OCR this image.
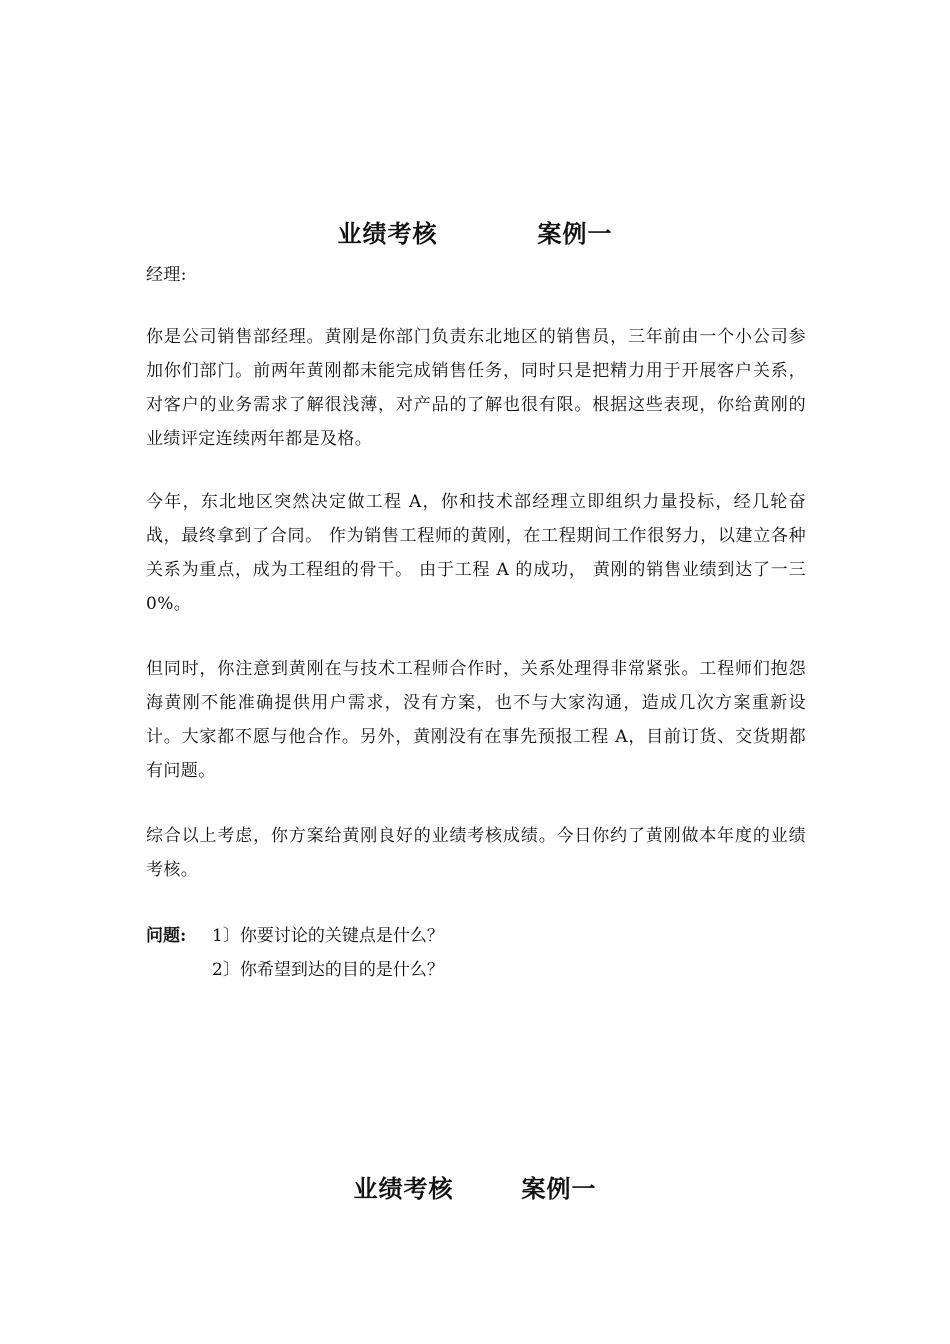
业绩考核	案例一
经理:
你是公司销售部经理。黄刚是你部门负责东北地区的销售员，三年前由一个小公司参加你们部门。前两年黄刚都未能完成销售任务，同时只是把精力用于开展客户关系，对客户的业务需求了解很浅薄，对产品的了解也很有限。根据这些表现，你给黄刚的业绩评定连续两年都是及格。
今年，东北地区突然决定做工程 A，你和技术部经理立即组织力量投标，经几轮奋战，最终拿到了合同。 作为销售工程师的黄刚，在工程期间工作很努力，以建立各种关系为重点，成为工程组的骨干。 由于工程 A 的成功， 黄刚的销售业绩到达了一三 0%。
但同时，你注意到黄刚在与技术工程师合作时，关系处理得非常紧张。工程师们抱怨海黄刚不能准确提供用户需求，没有方案，也不与大家沟通，造成几次方案重新设计。大家都不愿与他合作。另外，黄刚没有在事先预报工程 A，目前订货、交货期都有问题。
综合以上考虑，你方案给黄刚良好的业绩考核成绩。今日你约了黄刚做本年度的业绩考核。
问题:	1〕你要讨论的关键点是什么？
2〕你希望到达的目的是什么？
业绩考核	案例一
